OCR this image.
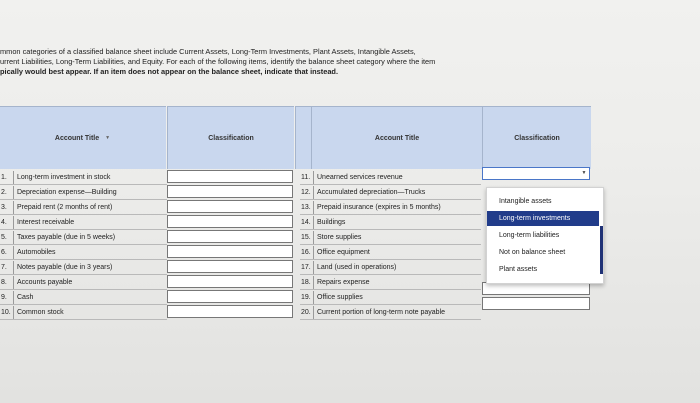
mmon categories of a classified balance sheet include Current Assets, Long-Term Investments, Plant Assets, Intangible Assets,
urrent Liabilities, Long-Term Liabilities, and Equity. For each of the following items, identify the balance sheet category where the item
pically would best appear. If an item does not appear on the balance sheet, indicate that instead.
Account Title ▼	Classification	Account Title	Classification
1. Long-term investment in stock
2. Depreciation expense—Building
3. Prepaid rent (2 months of rent)
4. Interest receivable
5. Taxes payable (due in 5 weeks)
6. Automobiles
7. Notes payable (due in 3 years)
8. Accounts payable
9. Cash
10. Common stock
11. Unearned services revenue
12. Accumulated depreciation—Trucks
13. Prepaid insurance (expires in 5 months)
14. Buildings
15. Store supplies
16. Office equipment
17. Land (used in operations)
18. Repairs expense
19. Office supplies
20. Current portion of long-term note payable
▼
Intangible assets
Long-term investments
Long-term liabilities
Not on balance sheet
Plant assets
